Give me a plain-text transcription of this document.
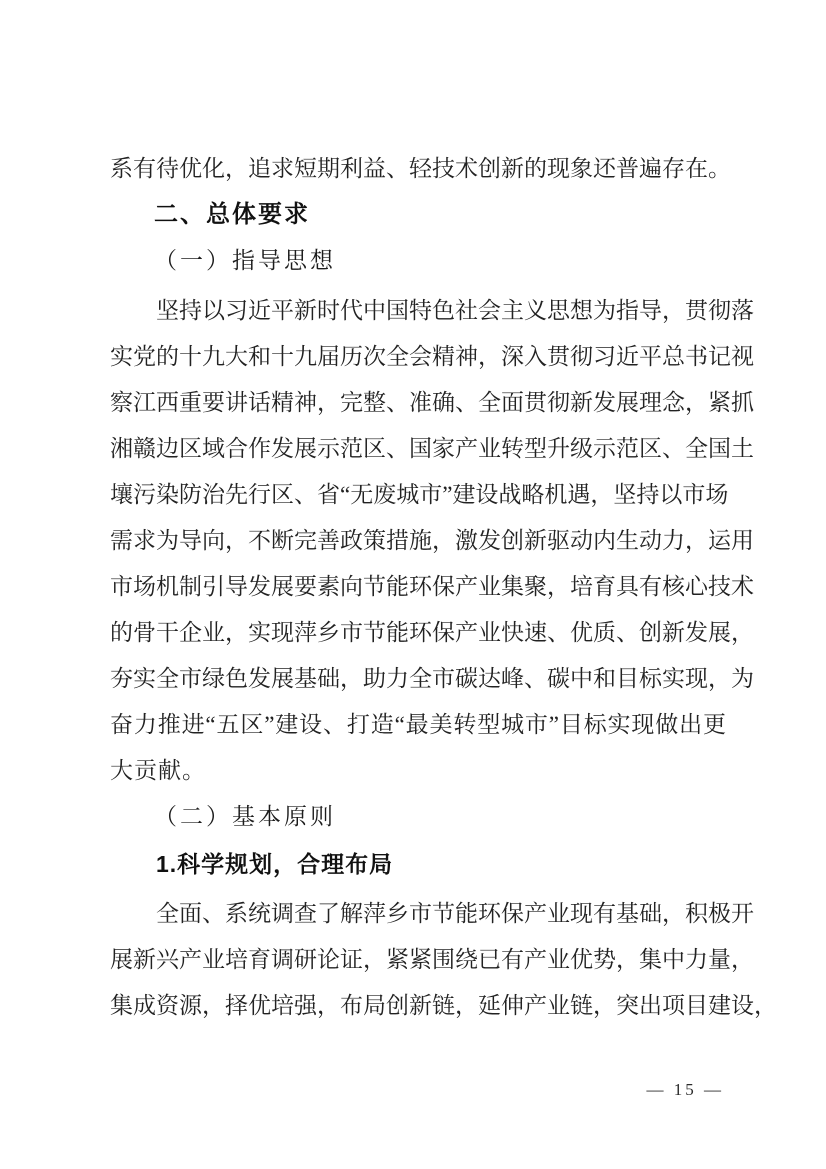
系有待优化，追求短期利益、轻技术创新的现象还普遍存在。
二、总体要求
（一）指导思想
坚持以习近平新时代中国特色社会主义思想为指导，贯彻落
实党的十九大和十九届历次全会精神，深入贯彻习近平总书记视
察江西重要讲话精神，完整、准确、全面贯彻新发展理念，紧抓
湘赣边区域合作发展示范区、国家产业转型升级示范区、全国土
壤污染防治先行区、省“无废城市”建设战略机遇，坚持以市场
需求为导向，不断完善政策措施，激发创新驱动内生动力，运用
市场机制引导发展要素向节能环保产业集聚，培育具有核心技术
的骨干企业，实现萍乡市节能环保产业快速、优质、创新发展，
夯实全市绿色发展基础，助力全市碳达峰、碳中和目标实现，为
奋力推进“五区”建设、打造“最美转型城市”目标实现做出更
大贡献。
（二）基本原则
1.科学规划，合理布局
全面、系统调查了解萍乡市节能环保产业现有基础，积极开
展新兴产业培育调研论证，紧紧围绕已有产业优势，集中力量，
集成资源，择优培强，布局创新链，延伸产业链，突出项目建设，
— 15 —
